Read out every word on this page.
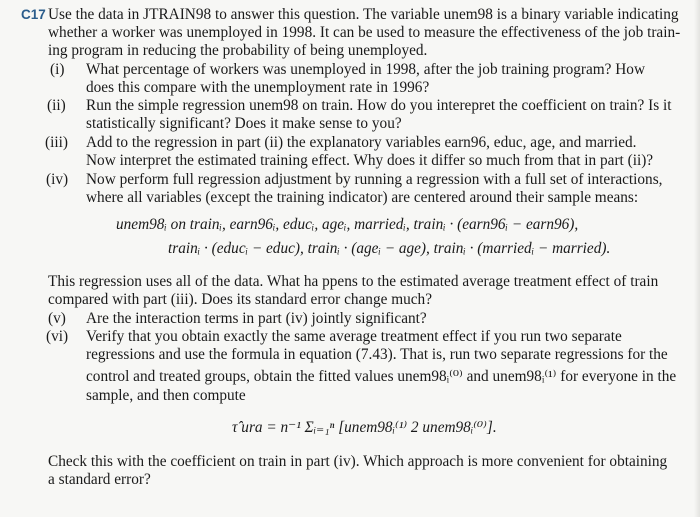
C17 Use the data in JTRAIN98 to answer this question. The variable unem98 is a binary variable indicating
whether a worker was unemployed in 1998. It can be used to measure the effectiveness of the job train-
ing program in reducing the probability of being unemployed.
(i) What percentage of workers was unemployed in 1998, after the job training program? How
does this compare with the unemployment rate in 1996?
(ii) Run the simple regression unem98 on train. How do you interepret the coefficient on train? Is it
statistically significant? Does it make sense to you?
(iii) Add to the regression in part (ii) the explanatory variables earn96, educ, age, and married.
Now interpret the estimated training effect. Why does it differ so much from that in part (ii)?
(iv) Now perform full regression adjustment by running a regression with a full set of interactions,
where all variables (except the training indicator) are centered around their sample means:
unem98ᵢ on trainᵢ, earn96ᵢ, educᵢ, ageᵢ, marriedᵢ, trainᵢ · (earn96ᵢ − earn96),
trainᵢ · (educᵢ − educ), trainᵢ · (ageᵢ − age), trainᵢ · (marriedᵢ − married).
This regression uses all of the data. What ha ppens to the estimated average treatment effect of train
compared with part (iii). Does its standard error change much?
(v) Are the interaction terms in part (iv) jointly significant?
(vi) Verify that you obtain exactly the same average treatment effect if you run two separate
regressions and use the formula in equation (7.43). That is, run two separate regressions for the
control and treated groups, obtain the fitted values unem98ᵢ⁽⁰⁾ and unem98ᵢ⁽¹⁾ for everyone in the
sample, and then compute
τ̂ ura = n⁻¹ Σᵢ₌₁ⁿ [unem98ᵢ⁽¹⁾ 2 unem98ᵢ⁽⁰⁾].
Check this with the coefficient on train in part (iv). Which approach is more convenient for obtaining
a standard error?
